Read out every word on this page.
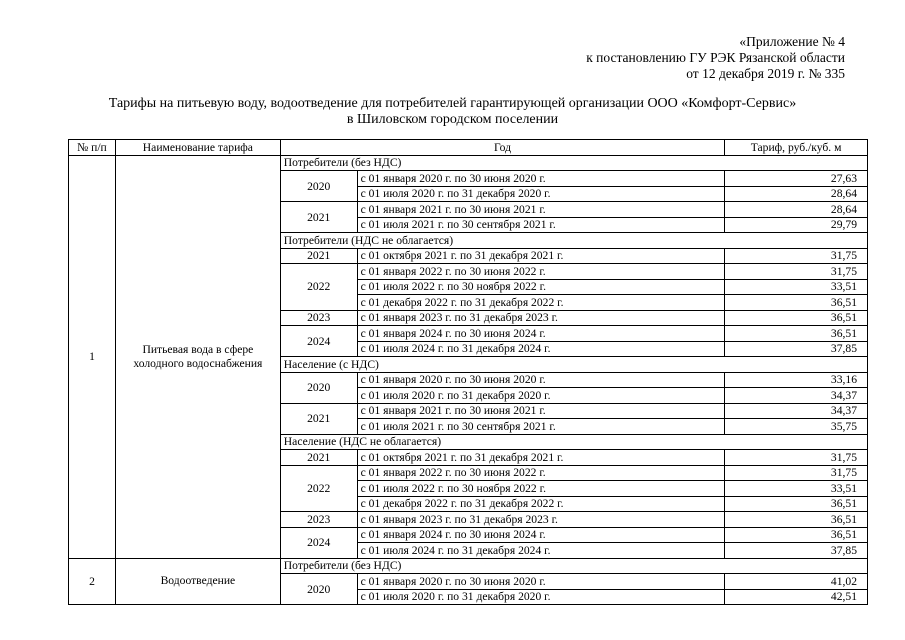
«Приложение № 4
к постановлению ГУ РЭК Рязанской области
от 12 декабря 2019 г. № 335
Тарифы на питьевую воду, водоотведение для потребителей гарантирующей организации ООО «Комфорт-Сервис»
в Шиловском городском поселении
№ п/п	Наименование тарифа	Год		Тариф, руб./куб. м
1	Питьевая вода в сфере холодного водоснабжения	Потребители (без НДС)		
		2020	с 01 января 2020 г. по 30 июня 2020 г.	27,63
			с 01 июля 2020 г. по 31 декабря 2020 г.	28,64
		2021	с 01 января 2021 г. по 30 июня 2021 г.	28,64
			с 01 июля 2021 г. по 30 сентября 2021 г.	29,79
		Потребители (НДС не облагается)		
		2021	с 01 октября 2021 г. по 31 декабря 2021 г.	31,75
		2022	с 01 января 2022 г. по 30 июня 2022 г.	31,75
			с 01 июля 2022 г. по 30 ноября 2022 г.	33,51
			с 01 декабря 2022 г. по 31 декабря 2022 г.	36,51
		2023	с 01 января 2023 г. по 31 декабря 2023 г.	36,51
		2024	с 01 января 2024 г. по 30 июня 2024 г.	36,51
			с 01 июля 2024 г. по 31 декабря 2024 г.	37,85
		Население (с НДС)		
		2020	с 01 января 2020 г. по 30 июня 2020 г.	33,16
			с 01 июля 2020 г. по 31 декабря 2020 г.	34,37
		2021	с 01 января 2021 г. по 30 июня 2021 г.	34,37
			с 01 июля 2021 г. по 30 сентября 2021 г.	35,75
		Население (НДС не облагается)		
		2021	с 01 октября 2021 г. по 31 декабря 2021 г.	31,75
		2022	с 01 января 2022 г. по 30 июня 2022 г.	31,75
			с 01 июля 2022 г. по 30 ноября 2022 г.	33,51
			с 01 декабря 2022 г. по 31 декабря 2022 г.	36,51
		2023	с 01 января 2023 г. по 31 декабря 2023 г.	36,51
		2024	с 01 января 2024 г. по 30 июня 2024 г.	36,51
			с 01 июля 2024 г. по 31 декабря 2024 г.	37,85
2	Водоотведение	Потребители (без НДС)		
		2020	с 01 января 2020 г. по 30 июня 2020 г.	41,02
			с 01 июля 2020 г. по 31 декабря 2020 г.	42,51
